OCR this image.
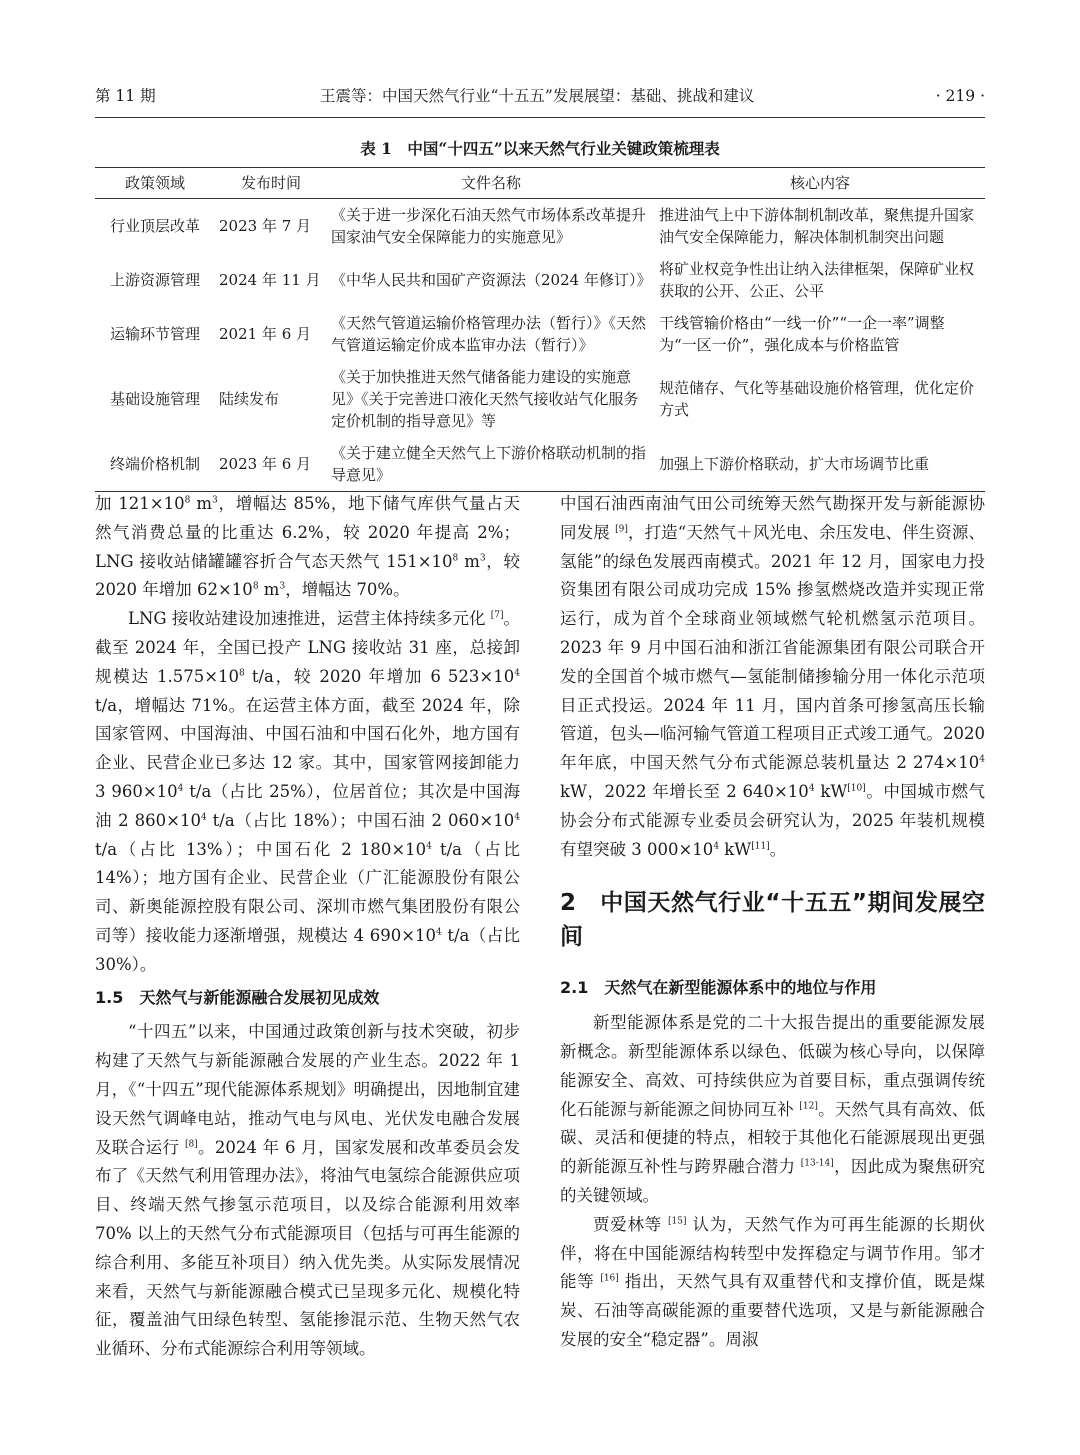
第 11 期	王震等：中国天然气行业“十五五”发展展望：基础、挑战和建议	· 219 ·
表 1　中国“十四五”以来天然气行业关键政策梳理表
政策领域	发布时间	文件名称	核心内容
行业顶层改革	2023 年 7 月	《关于进一步深化石油天然气市场体系改革提升国家油气安全保障能力的实施意见》	推进油气上中下游体制机制改革，聚焦提升国家油气安全保障能力，解决体制机制突出问题
上游资源管理	2024 年 11 月	《中华人民共和国矿产资源法（2024 年修订）》	将矿业权竞争性出让纳入法律框架，保障矿业权获取的公开、公正、公平
运输环节管理	2021 年 6 月	《天然气管道运输价格管理办法（暂行）》《天然气管道运输定价成本监审办法（暂行）》	干线管输价格由“一线一价”“一企一率”调整为“一区一价”，强化成本与价格监管
基础设施管理	陆续发布	《关于加快推进天然气储备能力建设的实施意见》《关于完善进口液化天然气接收站气化服务定价机制的指导意见》等	规范储存、气化等基础设施价格管理，优化定价方式
终端价格机制	2023 年 6 月	《关于建立健全天然气上下游价格联动机制的指导意见》	加强上下游价格联动，扩大市场调节比重

加 $121\times 10^8$ $m^3$，增幅达 85%，地下储气库供气量占天然气消费总量的比重达 6.2%，较 2020 年提高 2%；LNG 接收站储罐罐容折合气态天然气 $151\times 10^8$ $m^3$，较 2020 年增加 $62\times 10^8$ $m^3$，增幅达 70%。

LNG 接收站建设加速推进，运营主体持续多元化 [7]。截至 2024 年，全国已投产 LNG 接收站 31 座，总接卸规模达 $1.575\times 10^8$ t/a，较 2020 年增加 6 $523\times 10^4$ t/a，增幅达 71%。在运营主体方面，截至 2024 年，除国家管网、中国海油、中国石油和中国石化外，地方国有企业、民营企业已多达 12 家。其中，国家管网接卸能力 3 $960\times 10^4$ t/a（占比 25%），位居首位；其次是中国海油 2 $860\times 10^4$ t/a（占比 18%）；中国石油 2 $060\times 10^4$ t/a（占比 13%）；中国石化 2 $180\times 10^4$ t/a（占比 14%）；地方国有企业、民营企业（广汇能源股份有限公司、新奥能源控股有限公司、深圳市燃气集团股份有限公司等）接收能力逐渐增强，规模达 4 $690\times 10^4$ t/a（占比 30%）。

1.5　天然气与新能源融合发展初见成效

“十四五”以来，中国通过政策创新与技术突破，初步构建了天然气与新能源融合发展的产业生态。2022 年 1 月，《“十四五”现代能源体系规划》明确提出，因地制宜建设天然气调峰电站，推动气电与风电、光伏发电融合发展及联合运行 [8]。2024 年 6 月，国家发展和改革委员会发布了《天然气利用管理办法》，将油气电氢综合能源供应项目、终端天然气掺氢示范项目，以及综合能源利用效率 70% 以上的天然气分布式能源项目（包括与可再生能源的综合利用、多能互补项目）纳入优先类。从实际发展情况来看，天然气与新能源融合模式已呈现多元化、规模化特征，覆盖油气田绿色转型、氢能掺混示范、生物天然气农业循环、分布式能源综合利用等领域。

中国石油西南油气田公司统筹天然气勘探开发与新能源协同发展 [9]，打造“天然气＋风光电、余压发电、伴生资源、氢能”的绿色发展西南模式。2021 年 12 月，国家电力投资集团有限公司成功完成 15% 掺氢燃烧改造并实现正常运行，成为首个全球商业领域燃气轮机燃氢示范项目。2023 年 9 月中国石油和浙江省能源集团有限公司联合开发的全国首个城市燃气—氢能制储掺输分用一体化示范项目正式投运。2024 年 11 月，国内首条可掺氢高压长输管道，包头—临河输气管道工程项目正式竣工通气。2020 年年底，中国天然气分布式能源总装机量达 2 $274\times 10^4$ kW，2022 年增长至 2 $640\times 10^4$ kW[10]。中国城市燃气协会分布式能源专业委员会研究认为，2025 年装机规模有望突破 3 $000\times 10^4$ kW[11]。

2　中国天然气行业“十五五”期间发展空间

2.1　天然气在新型能源体系中的地位与作用

新型能源体系是党的二十大报告提出的重要能源发展新概念。新型能源体系以绿色、低碳为核心导向，以保障能源安全、高效、可持续供应为首要目标，重点强调传统化石能源与新能源之间协同互补 [12]。天然气具有高效、低碳、灵活和便捷的特点，相较于其他化石能源展现出更强的新能源互补性与跨界融合潜力 [13-14]，因此成为聚焦研究的关键领域。

贾爱林等 [15] 认为，天然气作为可再生能源的长期伙伴，将在中国能源结构转型中发挥稳定与调节作用。邹才能等 [16] 指出，天然气具有双重替代和支撑价值，既是煤炭、石油等高碳能源的重要替代选项，又是与新能源融合发展的安全“稳定器”。周淑
